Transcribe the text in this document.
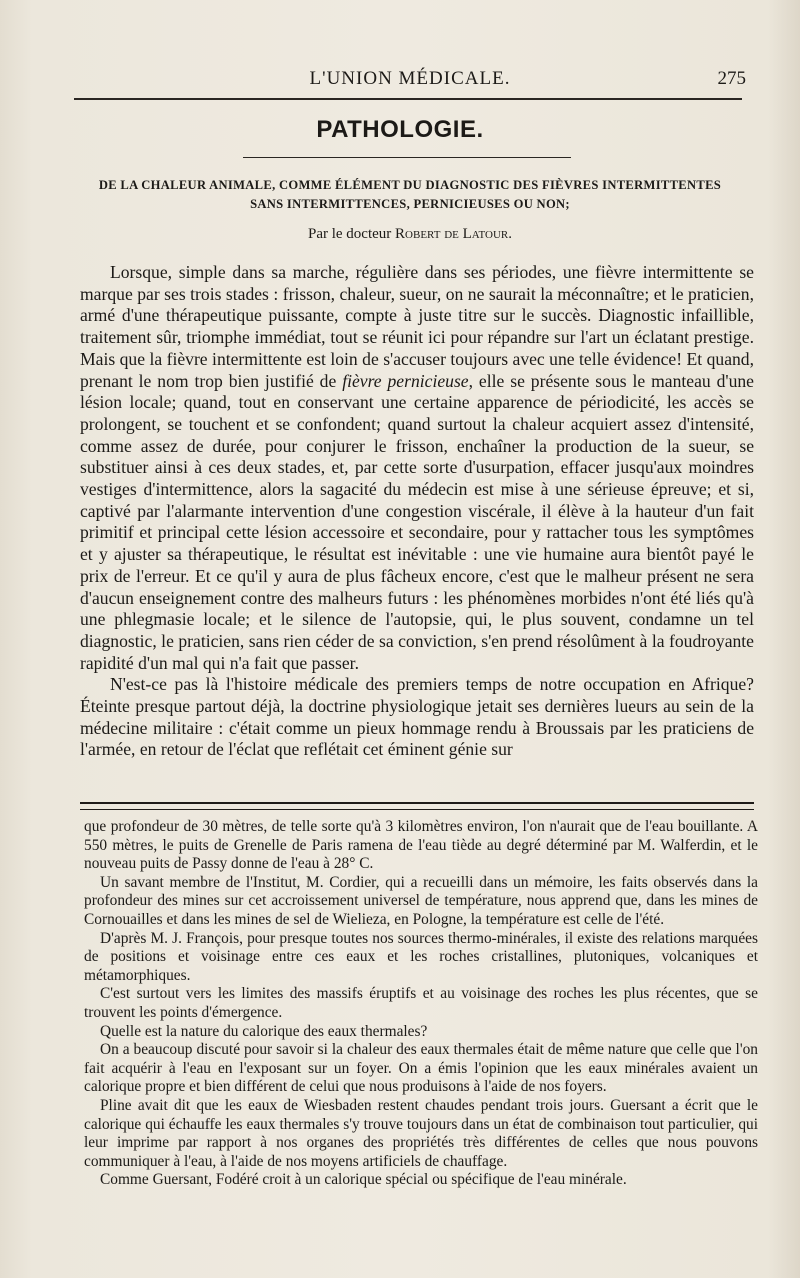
L'UNION MÉDICALE.	275
PATHOLOGIE.
DE LA CHALEUR ANIMALE, COMME ÉLÉMENT DU DIAGNOSTIC DES FIÈVRES INTERMITTENTES
SANS INTERMITTENCES, PERNICIEUSES OU NON;
Par le docteur Robert de Latour.

Lorsque, simple dans sa marche, régulière dans ses périodes, une fièvre intermittente se marque par ses trois stades : frisson, chaleur, sueur, on ne saurait la méconnaître; et le praticien, armé d'une thérapeutique puissante, compte à juste titre sur le succès. Diagnostic infaillible, traitement sûr, triomphe immédiat, tout se réunit ici pour répandre sur l'art un éclatant prestige. Mais que la fièvre intermittente est loin de s'accuser toujours avec une telle évidence! Et quand, prenant le nom trop bien justifié de fièvre pernicieuse, elle se présente sous le manteau d'une lésion locale; quand, tout en conservant une certaine apparence de périodicité, les accès se prolongent, se touchent et se confondent; quand surtout la chaleur acquiert assez d'intensité, comme assez de durée, pour conjurer le frisson, enchaîner la production de la sueur, se substituer ainsi à ces deux stades, et, par cette sorte d'usurpation, effacer jusqu'aux moindres vestiges d'intermittence, alors la sagacité du médecin est mise à une sérieuse épreuve; et si, captivé par l'alarmante intervention d'une congestion viscérale, il élève à la hauteur d'un fait primitif et principal cette lésion accessoire et secondaire, pour y rattacher tous les symptômes et y ajuster sa thérapeutique, le résultat est inévitable : une vie humaine aura bientôt payé le prix de l'erreur. Et ce qu'il y aura de plus fâcheux encore, c'est que le malheur présent ne sera d'aucun enseignement contre des malheurs futurs : les phénomènes morbides n'ont été liés qu'à une phlegmasie locale; et le silence de l'autopsie, qui, le plus souvent, condamne un tel diagnostic, le praticien, sans rien céder de sa conviction, s'en prend résolûment à la foudroyante rapidité d'un mal qui n'a fait que passer.

N'est-ce pas là l'histoire médicale des premiers temps de notre occupation en Afrique? Éteinte presque partout déjà, la doctrine physiologique jetait ses dernières lueurs au sein de la médecine militaire : c'était comme un pieux hommage rendu à Broussais par les praticiens de l'armée, en retour de l'éclat que reflétait cet éminent génie sur

que profondeur de 30 mètres, de telle sorte qu'à 3 kilomètres environ, l'on n'aurait que de l'eau bouillante. A 550 mètres, le puits de Grenelle de Paris ramena de l'eau tiède au degré déterminé par M. Walferdin, et le nouveau puits de Passy donne de l'eau à 28° C.

Un savant membre de l'Institut, M. Cordier, qui a recueilli dans un mémoire, les faits observés dans la profondeur des mines sur cet accroissement universel de température, nous apprend que, dans les mines de Cornouailles et dans les mines de sel de Wielieza, en Pologne, la température est celle de l'été.

D'après M. J. François, pour presque toutes nos sources thermo-minérales, il existe des relations marquées de positions et voisinage entre ces eaux et les roches cristallines, plutoniques, volcaniques et métamorphiques.

C'est surtout vers les limites des massifs éruptifs et au voisinage des roches les plus récentes, que se trouvent les points d'émergence.

Quelle est la nature du calorique des eaux thermales?

On a beaucoup discuté pour savoir si la chaleur des eaux thermales était de même nature que celle que l'on fait acquérir à l'eau en l'exposant sur un foyer. On a émis l'opinion que les eaux minérales avaient un calorique propre et bien différent de celui que nous produisons à l'aide de nos foyers.

Pline avait dit que les eaux de Wiesbaden restent chaudes pendant trois jours. Guersant a écrit que le calorique qui échauffe les eaux thermales s'y trouve toujours dans un état de combinaison tout particulier, qui leur imprime par rapport à nos organes des propriétés très différentes de celles que nous pouvons communiquer à l'eau, à l'aide de nos moyens artificiels de chauffage.

Comme Guersant, Fodéré croit à un calorique spécial ou spécifique de l'eau minérale.
